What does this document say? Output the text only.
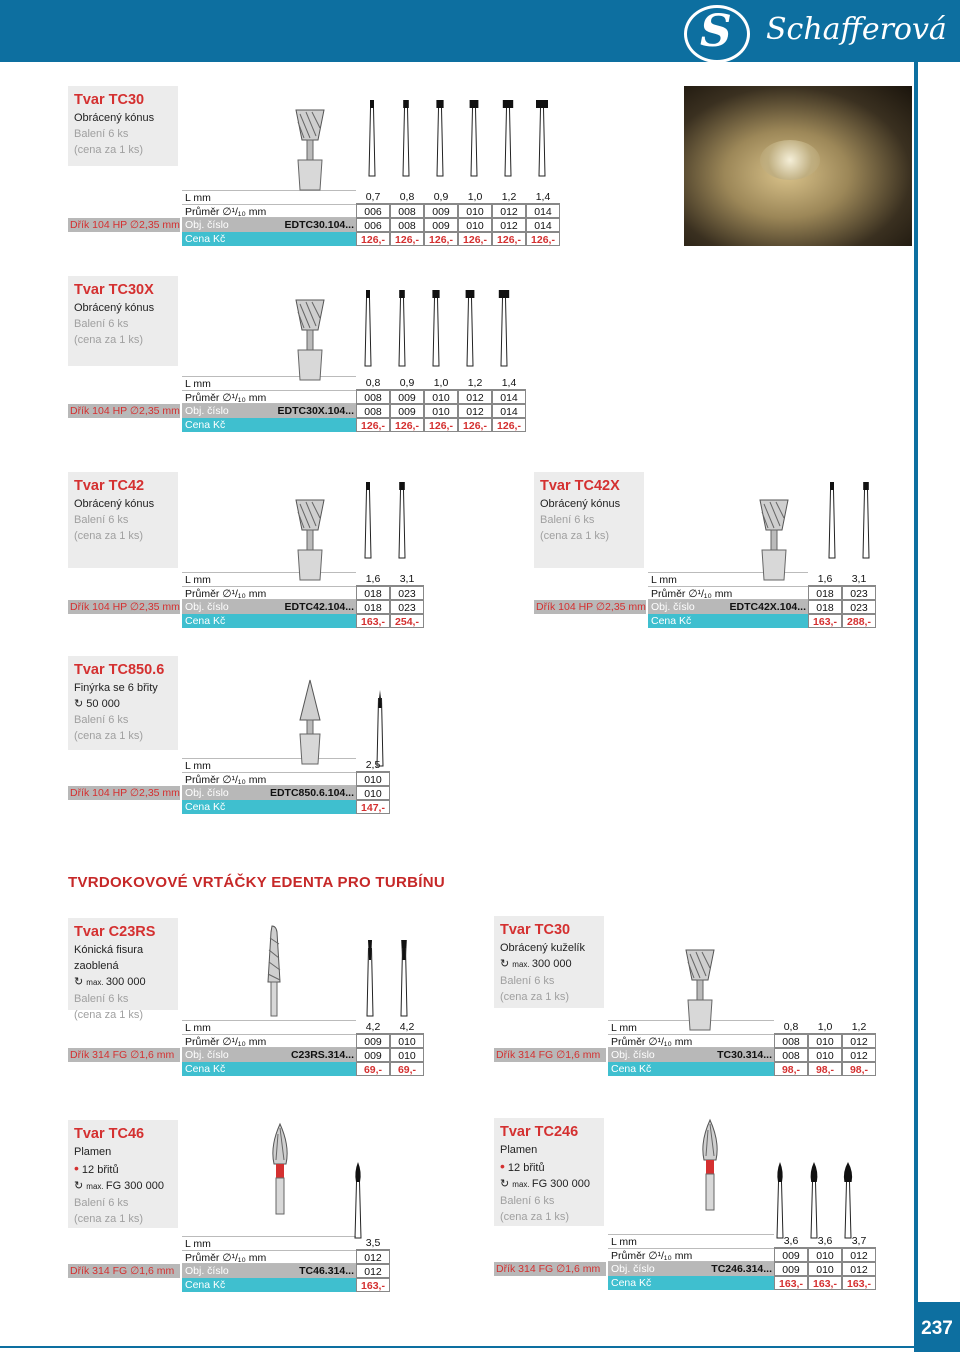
S Schafferová
237
TVRDOKOVOVÉ VRTÁČKY EDENTA PRO TURBÍNU
Tvar TC30
Obrácený kónus
Balení 6 ks
(cena za 1 ks)
Dřík 104 HP ∅2,35 mm
L mm
Průměr ∅¹/₁₀ mm
Obj. číslo
Cena Kč
EDTC30.104...
0,7
006
006
126,-
0,8
008
008
126,-
0,9
009
009
126,-
1,0
010
010
126,-
1,2
012
012
126,-
1,4
014
014
126,-
Tvar TC30X
Obrácený kónus
Balení 6 ks
(cena za 1 ks)
Dřík 104 HP ∅2,35 mm
L mm
Průměr ∅¹/₁₀ mm
Obj. číslo
Cena Kč
EDTC30X.104...
0,8
008
008
126,-
0,9
009
009
126,-
1,0
010
010
126,-
1,2
012
012
126,-
1,4
014
014
126,-
Tvar TC42
Obrácený kónus
Balení 6 ks
(cena za 1 ks)
Dřík 104 HP ∅2,35 mm
L mm
Průměr ∅¹/₁₀ mm
Obj. číslo
Cena Kč
EDTC42.104...
1,6
018
018
163,-
3,1
023
023
254,-
Tvar TC42X
Obrácený kónus
Balení 6 ks
(cena za 1 ks)
Dřík 104 HP ∅2,35 mm
L mm
Průměr ∅¹/₁₀ mm
Obj. číslo
Cena Kč
EDTC42X.104...
1,6
018
018
163,-
3,1
023
023
288,-
Tvar TC850.6
Finýrka se 6 břity
↻ 50 000
Balení 6 ks
(cena za 1 ks)
Dřík 104 HP ∅2,35 mm
L mm
Průměr ∅¹/₁₀ mm
Obj. číslo
Cena Kč
EDTC850.6.104...
2,5
010
010
147,-
Tvar C23RS
Kónická fisura zaoblená
↻ max. 300 000
Balení 6 ks
(cena za 1 ks)
Dřík 314 FG ∅1,6 mm
L mm
Průměr ∅¹/₁₀ mm
Obj. číslo
Cena Kč
C23RS.314...
4,2
009
009
69,-
4,2
010
010
69,-
Tvar TC30
Obrácený kuželík
↻ max. 300 000
Balení 6 ks
(cena za 1 ks)
Dřík 314 FG ∅1,6 mm
L mm
Průměr ∅¹/₁₀ mm
Obj. číslo
Cena Kč
TC30.314...
0,8
008
008
98,-
1,0
010
010
98,-
1,2
012
012
98,-
Tvar TC46
Plamen
• 12 břitů
↻ max. FG 300 000
Balení 6 ks
(cena za 1 ks)
Dřík 314 FG ∅1,6 mm
L mm
Průměr ∅¹/₁₀ mm
Obj. číslo
Cena Kč
TC46.314...
3,5
012
012
163,-
Tvar TC246
Plamen
• 12 břitů
↻ max. FG 300 000
Balení 6 ks
(cena za 1 ks)
Dřík 314 FG ∅1,6 mm
L mm
Průměr ∅¹/₁₀ mm
Obj. číslo
Cena Kč
TC246.314...
3,6
009
009
163,-
3,6
010
010
163,-
3,7
012
012
163,-
